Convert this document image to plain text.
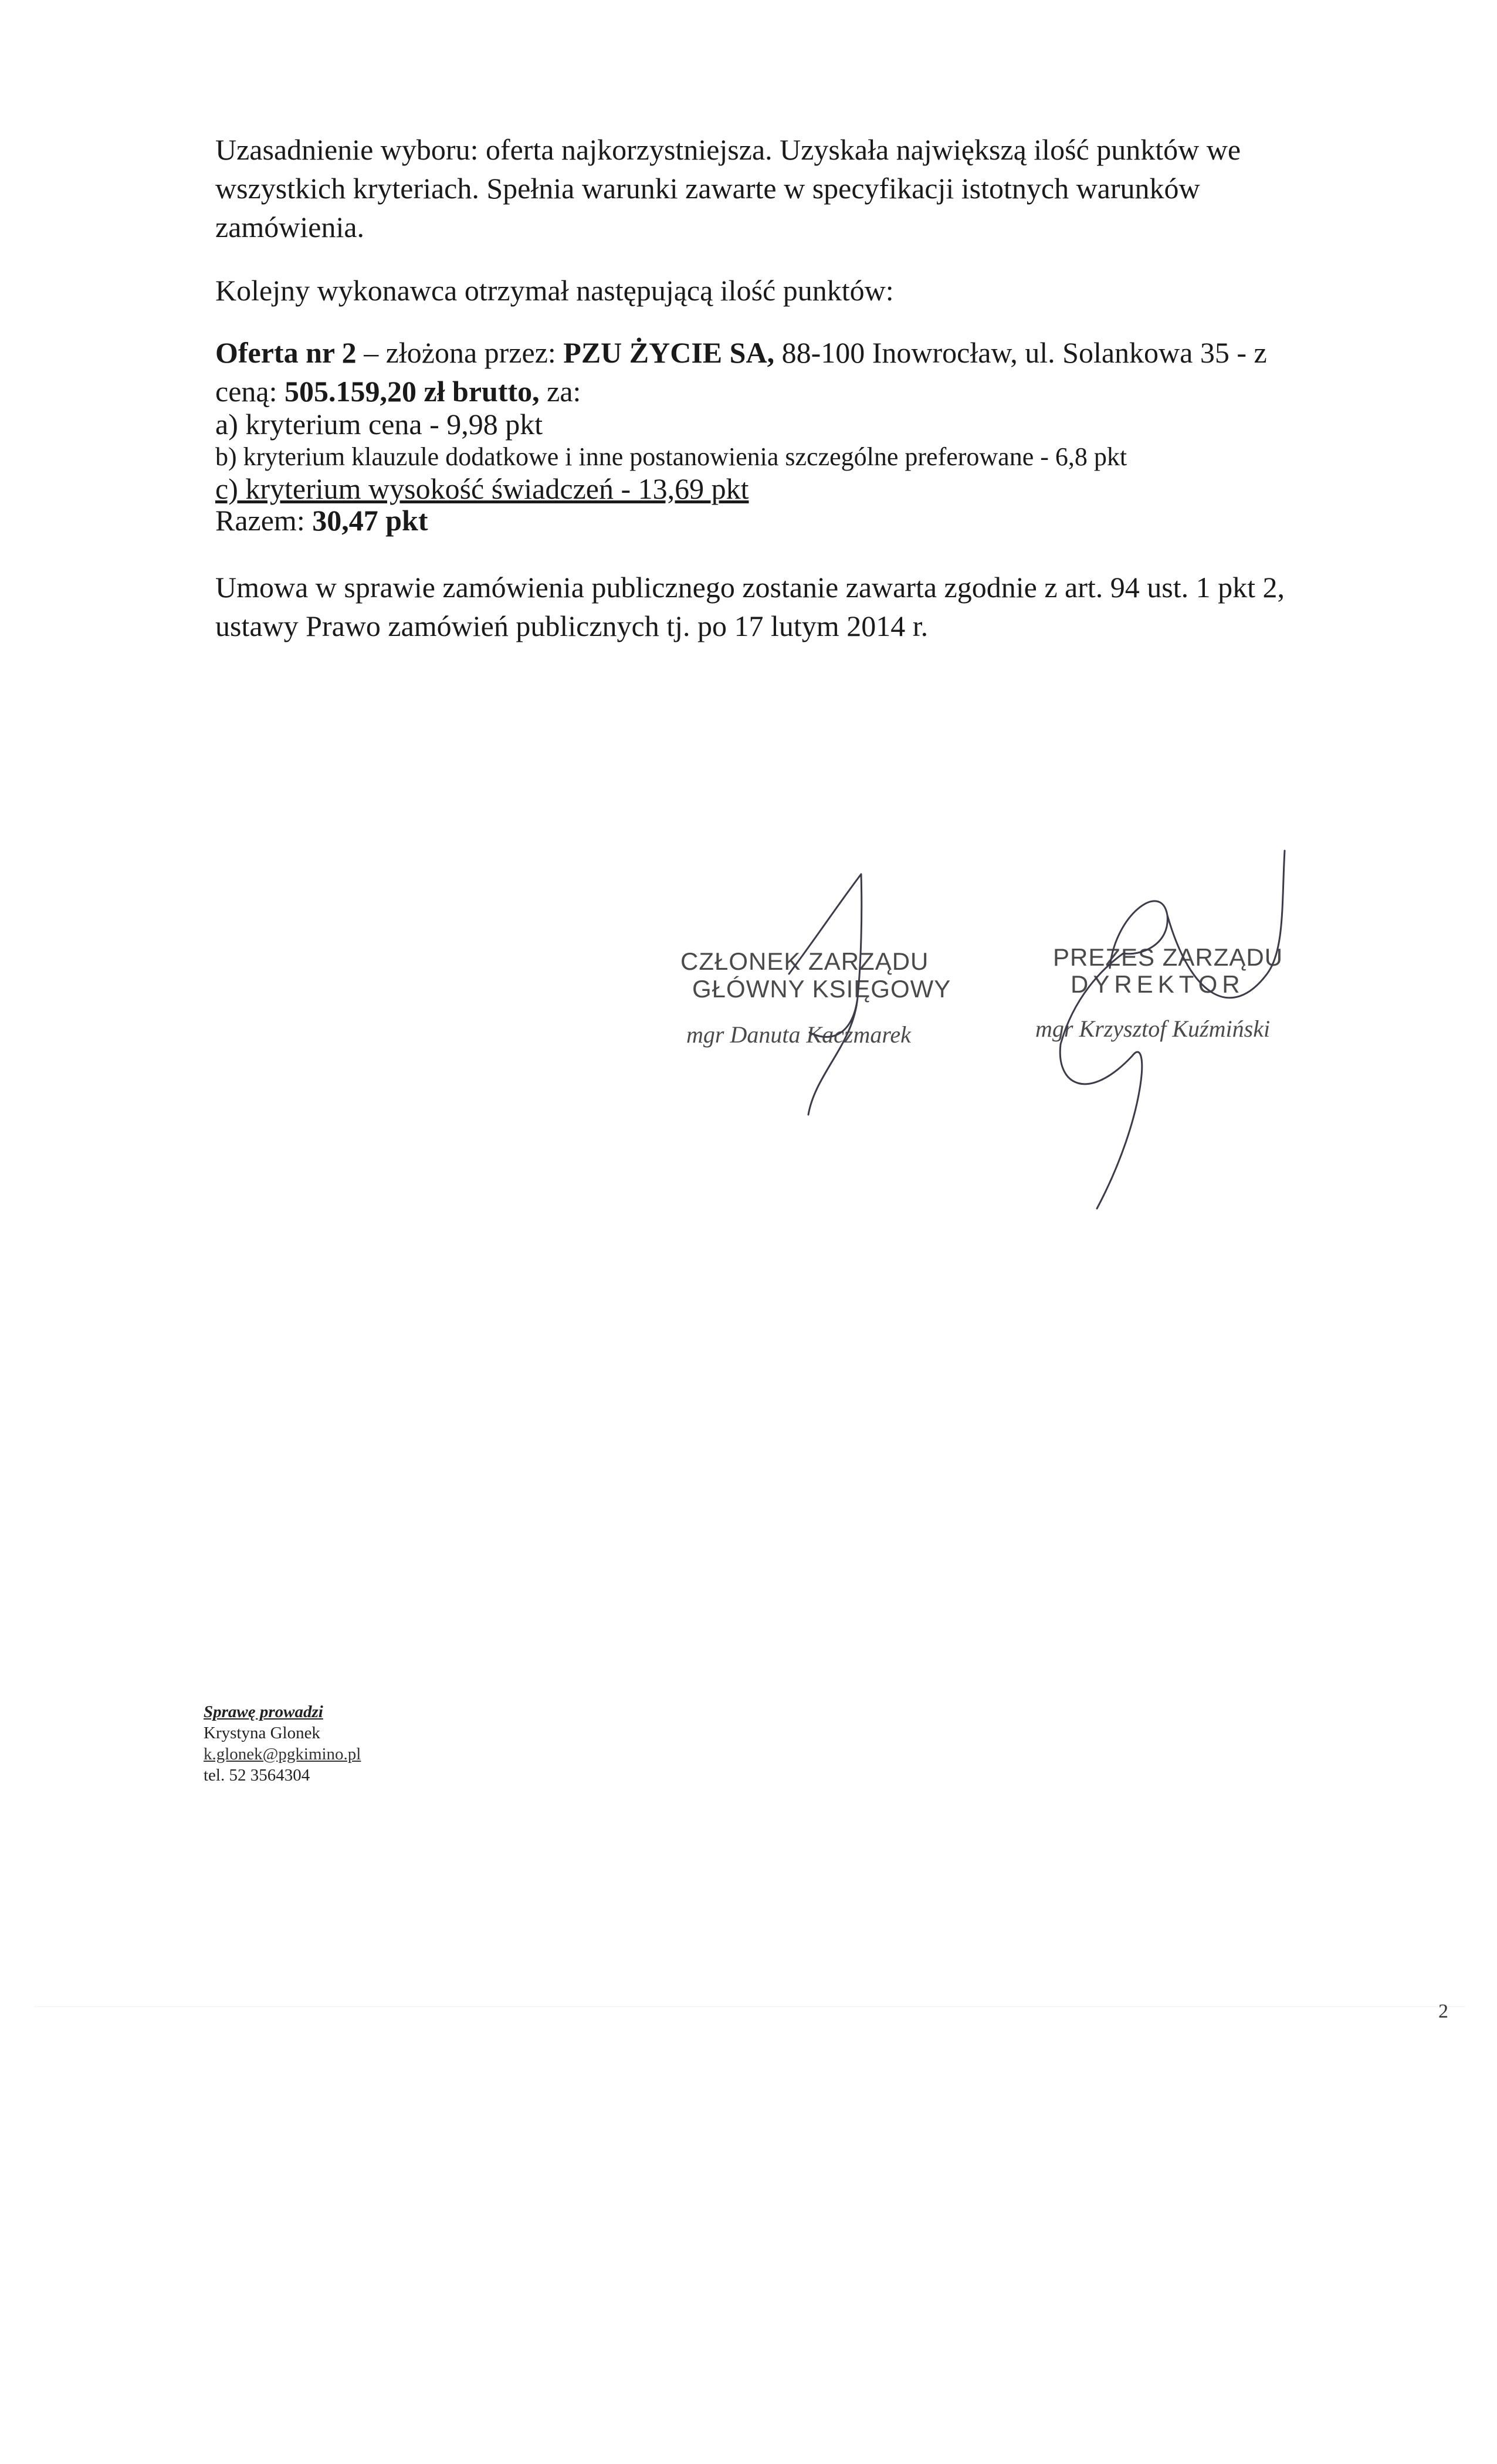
Uzasadnienie wyboru: oferta najkorzystniejsza. Uzyskała największą ilość punktów we wszystkich kryteriach. Spełnia warunki zawarte w specyfikacji istotnych warunków zamówienia.

Kolejny wykonawca otrzymał następującą ilość punktów:

Oferta nr 2 – złożona przez: PZU ŻYCIE SA, 88-100 Inowrocław, ul. Solankowa 35 - z
ceną: 505.159,20 zł brutto, za:

a) kryterium cena - 9,98 pkt

b) kryterium klauzule dodatkowe i inne postanowienia szczególne preferowane - 6,8 pkt

c) kryterium wysokość świadczeń - 13,69 pkt

Razem: 30,47 pkt

Umowa w sprawie zamówienia publicznego zostanie zawarta zgodnie z art. 94 ust. 1 pkt 2, ustawy Prawo zamówień publicznych tj. po 17 lutym 2014 r.

CZŁONEK ZARZĄDU
GŁÓWNY KSIĘGOWY
mgr Danuta Kaczmarek
PREZES ZARZĄDU
DYREKTOR
mgr Krzysztof Kuźmiński
Sprawę prowadzi
Krystyna Glonek
k.glonek@pgkimino.pl
tel. 52 3564304
2
